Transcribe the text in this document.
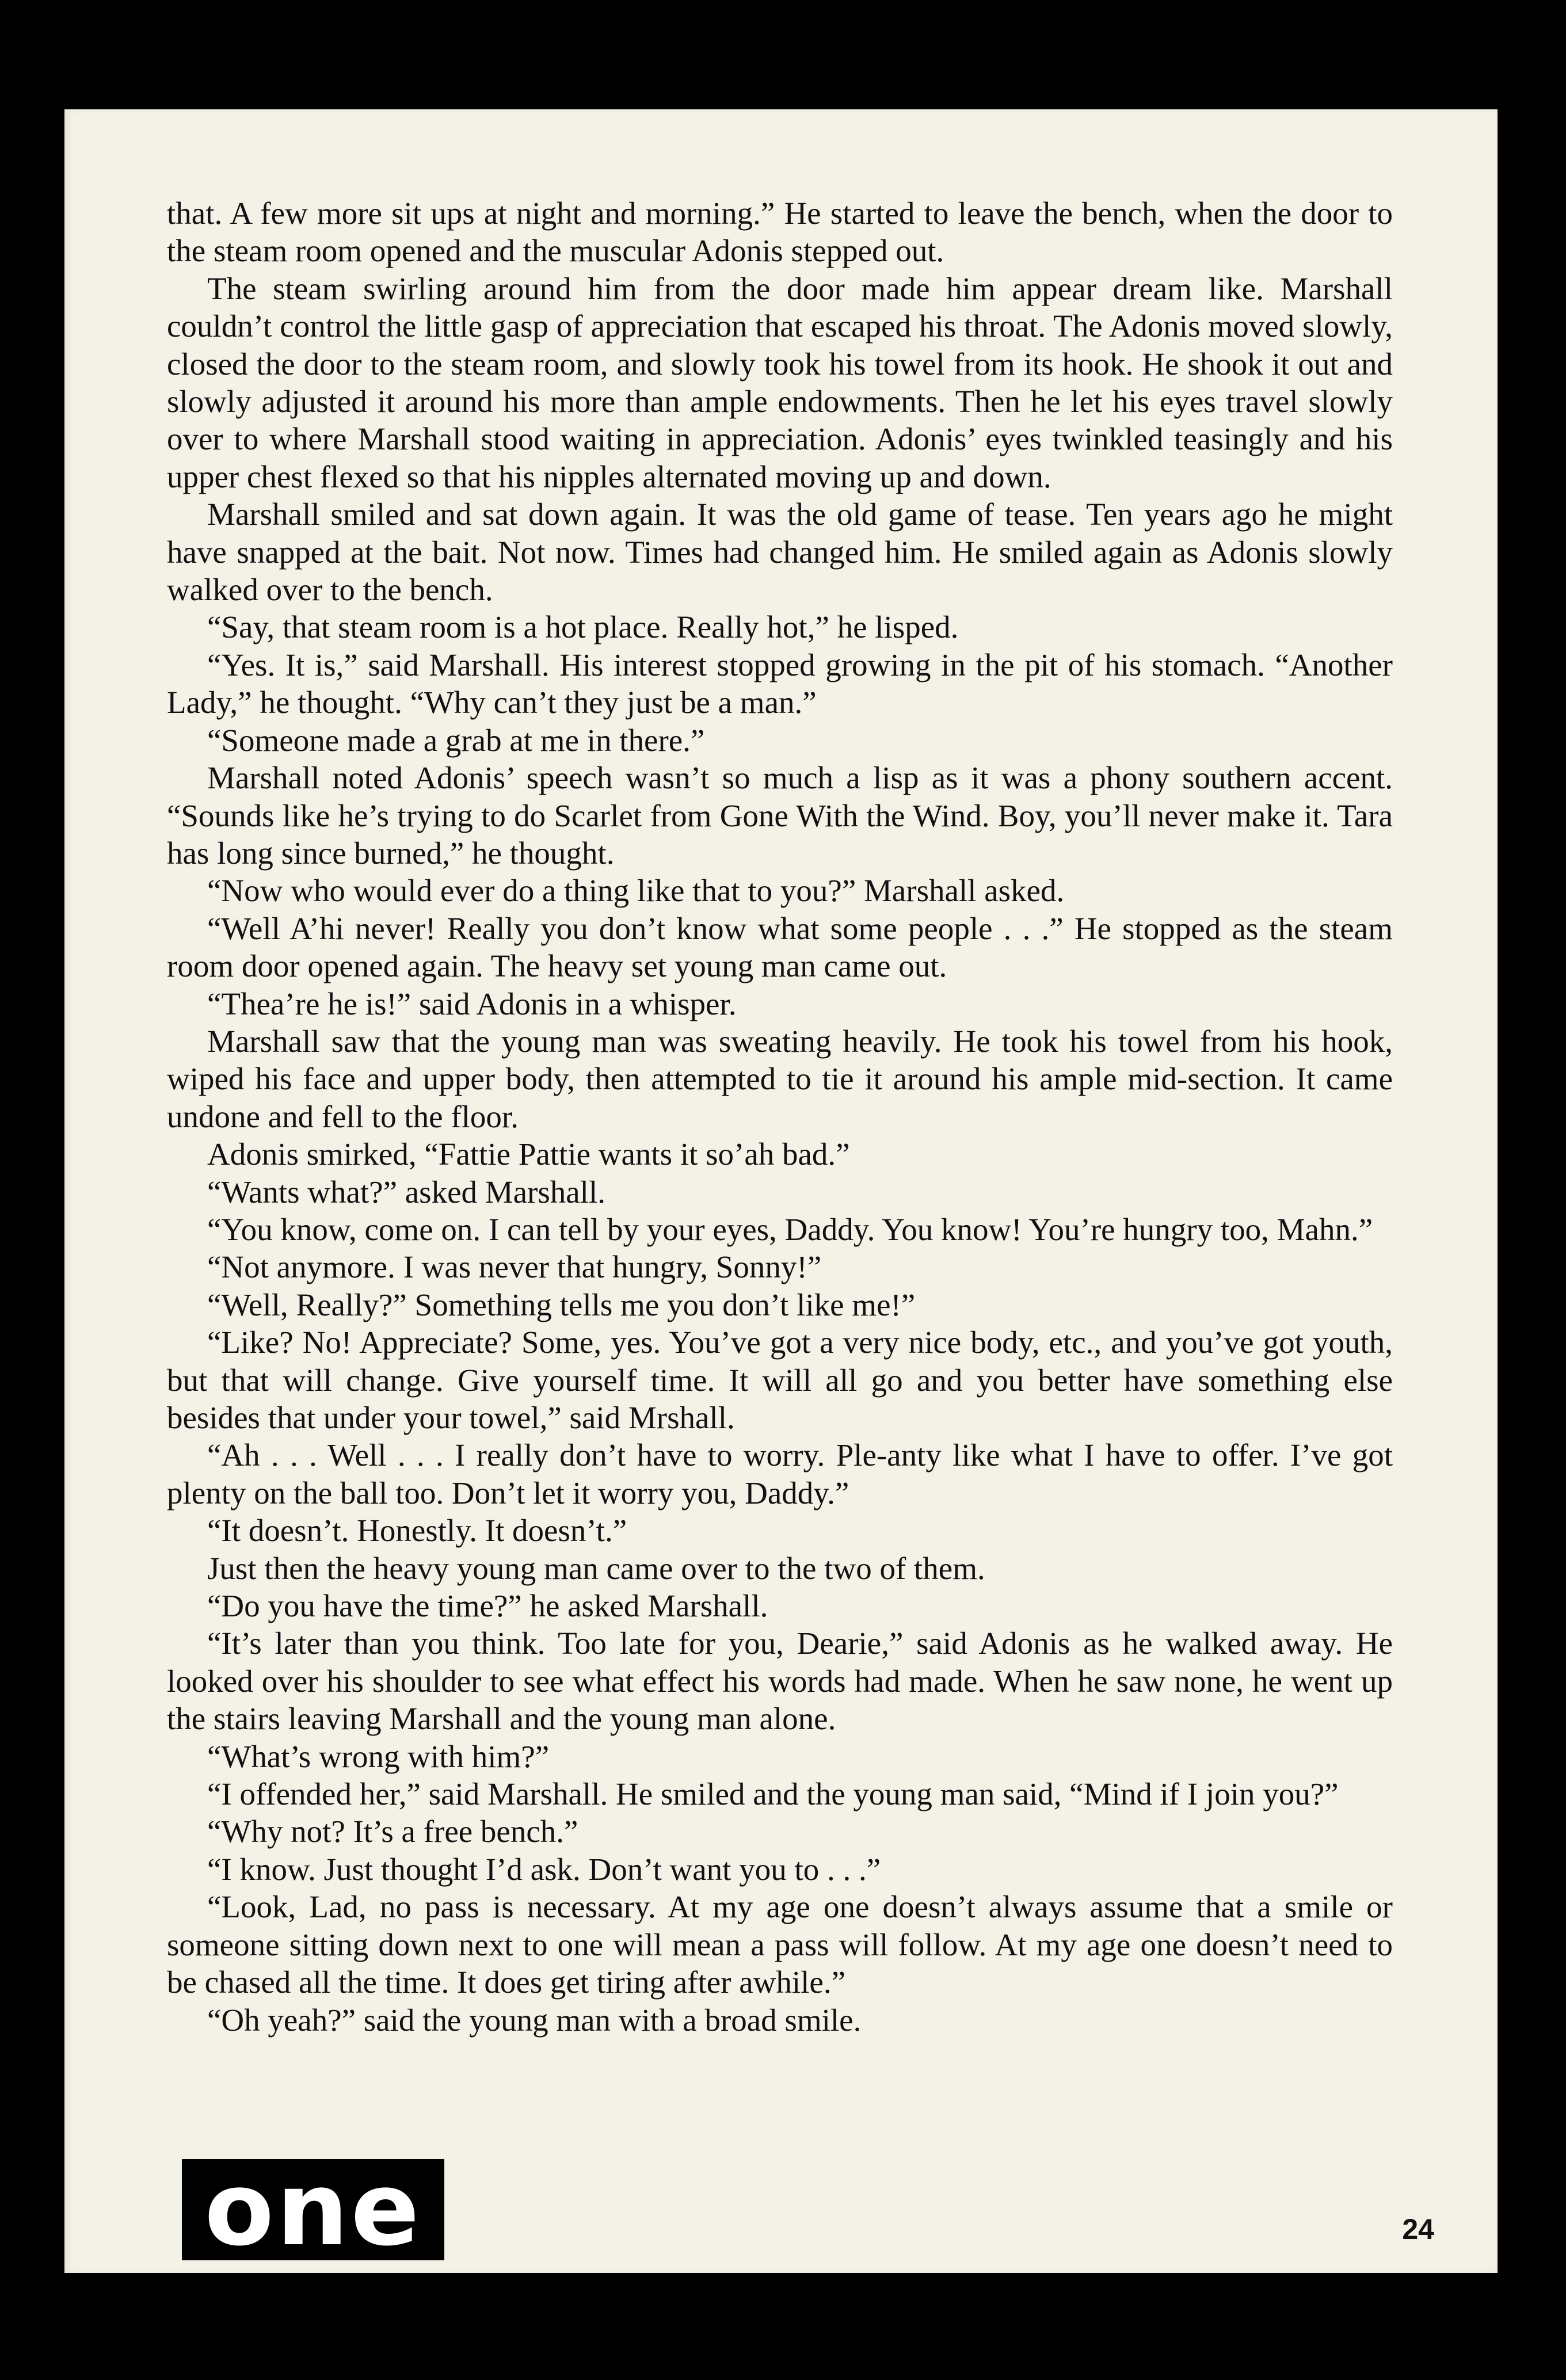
that. A few more sit ups at night and morning.” He started to leave the bench, when the door to the steam room opened and the muscular Adonis stepped out.

The steam swirling around him from the door made him appear dream like. Marshall couldn’t control the little gasp of appreciation that escaped his throat. The Adonis moved slowly, closed the door to the steam room, and slowly took his towel from its hook. He shook it out and slowly adjusted it around his more than ample endowments. Then he let his eyes travel slowly over to where Marshall stood waiting in appreciation. Adonis’ eyes twinkled teasingly and his upper chest flexed so that his nipples alternated moving up and down.

Marshall smiled and sat down again. It was the old game of tease. Ten years ago he might have snapped at the bait. Not now. Times had changed him. He smiled again as Adonis slowly walked over to the bench.

“Say, that steam room is a hot place. Really hot,” he lisped.

“Yes. It is,” said Marshall. His interest stopped growing in the pit of his stomach. “Another Lady,” he thought. “Why can’t they just be a man.”

“Someone made a grab at me in there.”

Marshall noted Adonis’ speech wasn’t so much a lisp as it was a phony southern accent. “Sounds like he’s trying to do Scarlet from Gone With the Wind. Boy, you’ll never make it. Tara has long since burned,” he thought.

“Now who would ever do a thing like that to you?” Marshall asked.

“Well A’hi never! Really you don’t know what some people . . .” He stopped as the steam room door opened again. The heavy set young man came out.

“Thea’re he is!” said Adonis in a whisper.

Marshall saw that the young man was sweating heavily. He took his towel from his hook, wiped his face and upper body, then attempted to tie it around his ample mid-section. It came undone and fell to the floor.

Adonis smirked, “Fattie Pattie wants it so’ah bad.”

“Wants what?” asked Marshall.

“You know, come on. I can tell by your eyes, Daddy. You know! You’re hungry too, Mahn.”

“Not anymore. I was never that hungry, Sonny!”

“Well, Really?” Something tells me you don’t like me!”

“Like? No! Appreciate? Some, yes. You’ve got a very nice body, etc., and you’ve got youth, but that will change. Give yourself time. It will all go and you better have something else besides that under your towel,” said Mrshall.

“Ah . . . Well . . . I really don’t have to worry. Ple-anty like what I have to offer. I’ve got plenty on the ball too. Don’t let it worry you, Daddy.”

“It doesn’t. Honestly. It doesn’t.”

Just then the heavy young man came over to the two of them.

“Do you have the time?” he asked Marshall.

“It’s later than you think. Too late for you, Dearie,” said Adonis as he walked away. He looked over his shoulder to see what effect his words had made. When he saw none, he went up the stairs leaving Marshall and the young man alone.

“What’s wrong with him?”

“I offended her,” said Marshall. He smiled and the young man said, “Mind if I join you?”

“Why not? It’s a free bench.”

“I know. Just thought I’d ask. Don’t want you to . . .”

“Look, Lad, no pass is necessary. At my age one doesn’t always assume that a smile or someone sitting down next to one will mean a pass will follow. At my age one doesn’t need to be chased all the time. It does get tiring after awhile.”

“Oh yeah?” said the young man with a broad smile.

one	24
